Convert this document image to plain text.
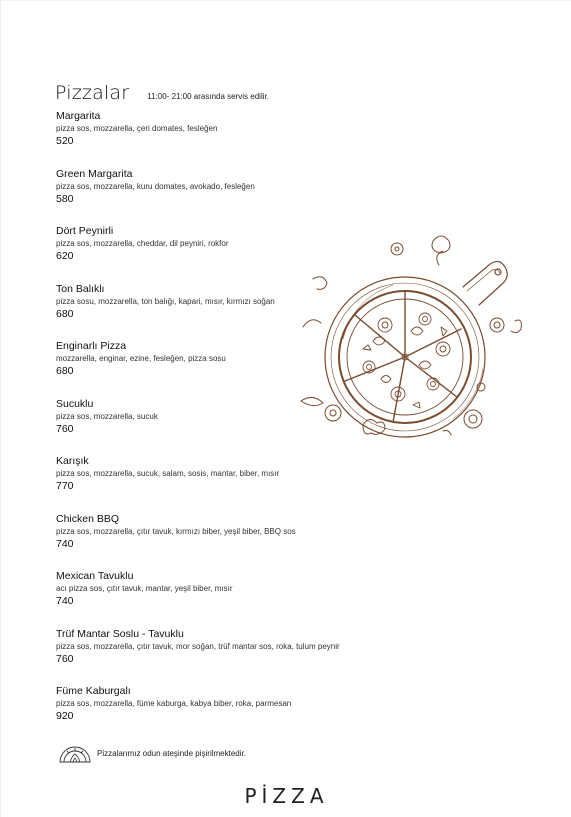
Pizzalar 11:00- 21:00 arasında servis edilir.
Margarita
pizza sos, mozzarella, çeri domates, fesleğen
520
Green Margarita
pizza sos, mozzarella, kuru domates, avokado, fesleğen
580
Dört Peynirli
pizza sos, mozzarella, cheddar, dil peyniri, rokfor
620
Ton Balıklı
pizza sosu, mozzarella, ton balığı, kapari, mısır, kırmızı soğan
680
Enginarlı Pizza
mozzarella, enginar, ezine, fesleğen, pizza sosu
680
Sucuklu
pizza sos, mozzarella, sucuk
760
Karışık
pizza sos, mozzarella, sucuk, salam, sosis, mantar, biber, mısır
770
Chicken BBQ
pizza sos, mozzarella, çıtır tavuk, kırmızı biber, yeşil biber, BBQ sos
740
Mexican Tavuklu
acı pizza sos, çıtır tavuk, mantar, yeşil biber, mısır
740
Trüf Mantar Soslu - Tavuklu
pizza sos, mozzarella, çıtır tavuk, mor soğan, trüf mantar sos, roka, tulum peynir
760
Füme Kaburgalı
pizza sos, mozzarella, füme kaburga, kabya biber, roka, parmesan
920
Pizzalarımız odun ateşinde pişirilmektedir.
PİZZA
